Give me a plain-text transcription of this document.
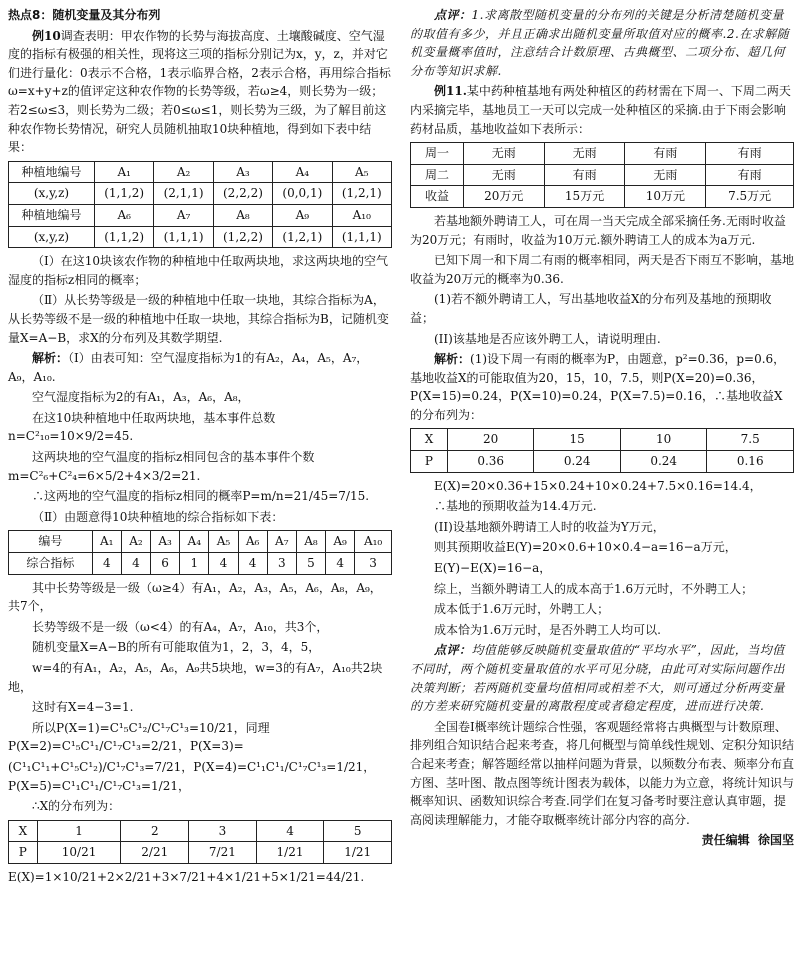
热点8：随机变量及其分布列

例10调查表明：甲农作物的长势与海拔高度、土壤酸碱度、空气湿度的指标有极强的相关性，现将这三项的指标分别记为x，y，z，并对它们进行量化：0表示不合格，1表示临界合格，2表示合格，再用综合指标ω=x+y+z的值评定这种农作物的长势等级，若ω≥4，则长势为一级；若2≤ω≤3，则长势为二级；若0≤ω≤1，则长势为三级，为了解目前这种农作物长势情况，研究人员随机抽取10块种植地，得到如下表中结果：

种植地编号	A₁	A₂	A₃	A₄	A₅
(x,y,z)	(1,1,2)	(2,1,1)	(2,2,2)	(0,0,1)	(1,2,1)
种植地编号	A₆	A₇	A₈	A₉	A₁₀
(x,y,z)	(1,1,2)	(1,1,1)	(1,2,2)	(1,2,1)	(1,1,1)

（Ⅰ）在这10块该农作物的种植地中任取两块地，求这两块地的空气湿度的指标z相同的概率；

（Ⅱ）从长势等级是一级的种植地中任取一块地，其综合指标为A，从长势等级不是一级的种植地中任取一块地，其综合指标为B，记随机变量X=A−B，求X的分布列及其数学期望.

解析：（Ⅰ）由表可知：空气湿度指标为1的有A₂，A₄，A₅，A₇，A₉，A₁₀.

空气湿度指标为2的有A₁，A₃，A₆，A₈，

在这10块种植地中任取两块地，基本事件总数n=C²₁₀=10×9/2=45.

这两块地的空气温度的指标z相同包含的基本事件个数m=C²₆+C²₄=6×5/2+4×3/2=21.

∴这两地的空气温度的指标z相同的概率P=m/n=21/45=7/15.

（Ⅱ）由题意得10块种植地的综合指标如下表：

编号	A₁	A₂	A₃	A₄	A₅	A₆	A₇	A₈	A₉	A₁₀
综合指标	4	4	6	1	4	4	3	5	4	3

其中长势等级是一级（ω≥4）有A₁，A₂，A₃，A₅，A₆，A₈，A₉，共7个，

长势等级不是一级（ω<4）的有A₄，A₇，A₁₀，共3个，

随机变量X=A−B的所有可能取值为1，2，3，4，5，

w=4的有A₁，A₂，A₅，A₆，A₉共5块地，w=3的有A₇，A₁₀共2块地，

这时有X=4−3=1.

所以P(X=1)=C¹₅C¹₂/C¹₇C¹₃=10/21，同理P(X=2)=C¹₅C¹₁/C¹₇C¹₃=2/21，P(X=3)=

(C¹₁C¹₁+C¹₅C¹₂)/C¹₇C¹₃=7/21，P(X=4)=C¹₁C¹₁/C¹₇C¹₃=1/21，P(X=5)=C¹₁C¹₁/C¹₇C¹₃=1/21，

∴X的分布列为：

X	1	2	3	4	5
P	10/21	2/21	7/21	1/21	1/21

E(X)=1×10/21+2×2/21+3×7/21+4×1/21+5×1/21=44/21.

点评：1.求离散型随机变量的分布列的关键是分析清楚随机变量的取值有多少，并且正确求出随机变量所取值对应的概率.2.在求解随机变量概率值时，注意结合计数原理、古典概型、二项分布、超几何分布等知识求解.

例11.某中药种植基地有两处种植区的药材需在下周一、下周二两天内采摘完毕，基地员工一天可以完成一处种植区的采摘.由于下雨会影响药材品质，基地收益如下表所示：

周一	无雨	无雨	有雨	有雨
周二	无雨	有雨	无雨	有雨
收益	20万元	15万元	10万元	7.5万元

若基地额外聘请工人，可在周一当天完成全部采摘任务.无雨时收益为20万元；有雨时，收益为10万元.额外聘请工人的成本为a万元.

已知下周一和下周二有雨的概率相同，两天是否下雨互不影响，基地收益为20万元的概率为0.36.

(1)若不额外聘请工人，写出基地收益X的分布列及基地的预期收益；

(II)该基地是否应该外聘工人，请说明理由.

解析：(1)设下周一有雨的概率为P，由题意，p²=0.36，p=0.6，基地收益X的可能取值为20，15，10，7.5，则P(X=20)=0.36，P(X=15)=0.24，P(X=10)=0.24，P(X=7.5)=0.16，∴基地收益X的分布列为：

X	20	15	10	7.5
P	0.36	0.24	0.24	0.16

E(X)=20×0.36+15×0.24+10×0.24+7.5×0.16=14.4，

∴基地的预期收益为14.4万元.

(II)设基地额外聘请工人时的收益为Y万元，

则其预期收益E(Y)=20×0.6+10×0.4−a=16−a万元，

E(Y)−E(X)=16−a，

综上，当额外聘请工人的成本高于1.6万元时，不外聘工人；

成本低于1.6万元时，外聘工人；

成本恰为1.6万元时，是否外聘工人均可以.

点评：均值能够反映随机变量取值的“平均水平”，因此，当均值不同时，两个随机变量取值的水平可见分晓，由此可对实际问题作出决策判断；若两随机变量均值相同或相差不大，则可通过分析两变量的方差来研究随机变量的离散程度或者稳定程度，进而进行决策.

全国卷Ⅰ概率统计题综合性强，客观题经常将古典概型与计数原理、排列组合知识结合起来考查，将几何概型与简单线性规划、定积分知识结合起来考查；解答题经常以抽样问题为背景，以频数分布表、频率分布直方图、茎叶图、散点图等统计图表为载体，以能力为立意，将统计知识与概率知识、函数知识综合考查.同学们在复习备考时要注意认真审题，提高阅读理解能力，才能夺取概率统计部分内容的高分.

责任编辑 徐国坚
